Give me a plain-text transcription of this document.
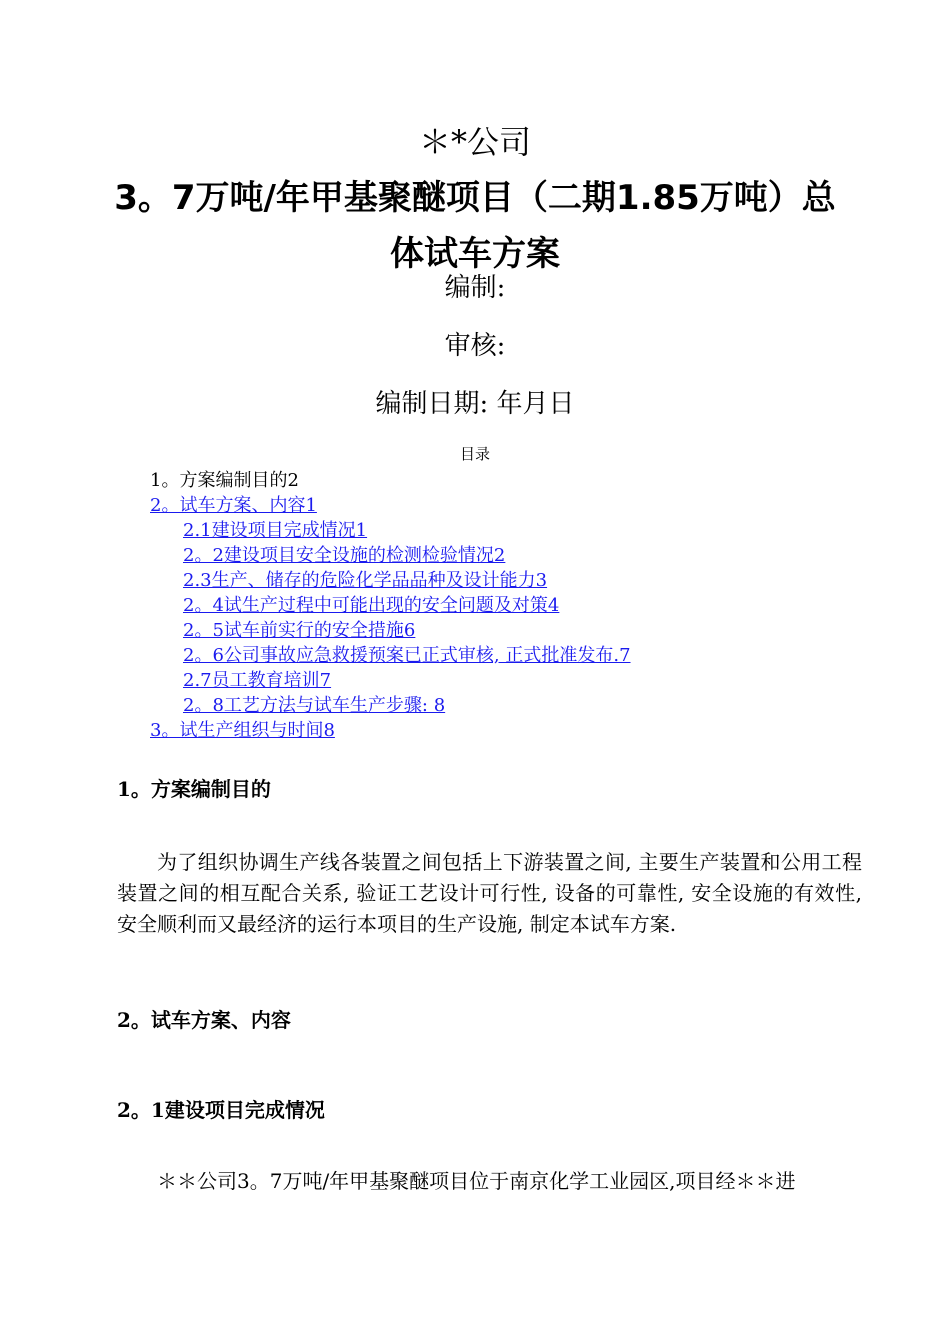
＊*公司
3。7万吨/年甲基聚醚项目（二期1.85万吨）总体试车方案
编制:
审核:
编制日期: 年月日
目录
1。方案编制目的2
2。试车方案、内容1
2.1建设项目完成情况1
2。2建设项目安全设施的检测检验情况2
2.3生产、储存的危险化学品品种及设计能力3
2。4试生产过程中可能出现的安全问题及对策4
2。5试车前实行的安全措施6
2。6公司事故应急救援预案已正式审核, 正式批准发布.7
2.7员工教育培训7
2。8工艺方法与试车生产步骤: 8
3。试生产组织与时间8
1。方案编制目的
为了组织协调生产线各装置之间包括上下游装置之间, 主要生产装置和公用工程装置之间的相互配合关系, 验证工艺设计可行性, 设备的可靠性, 安全设施的有效性, 安全顺利而又最经济的运行本项目的生产设施, 制定本试车方案.
2。试车方案、内容
2。1建设项目完成情况
＊＊公司3。7万吨/年甲基聚醚项目位于南京化学工业园区,项目经＊＊进
